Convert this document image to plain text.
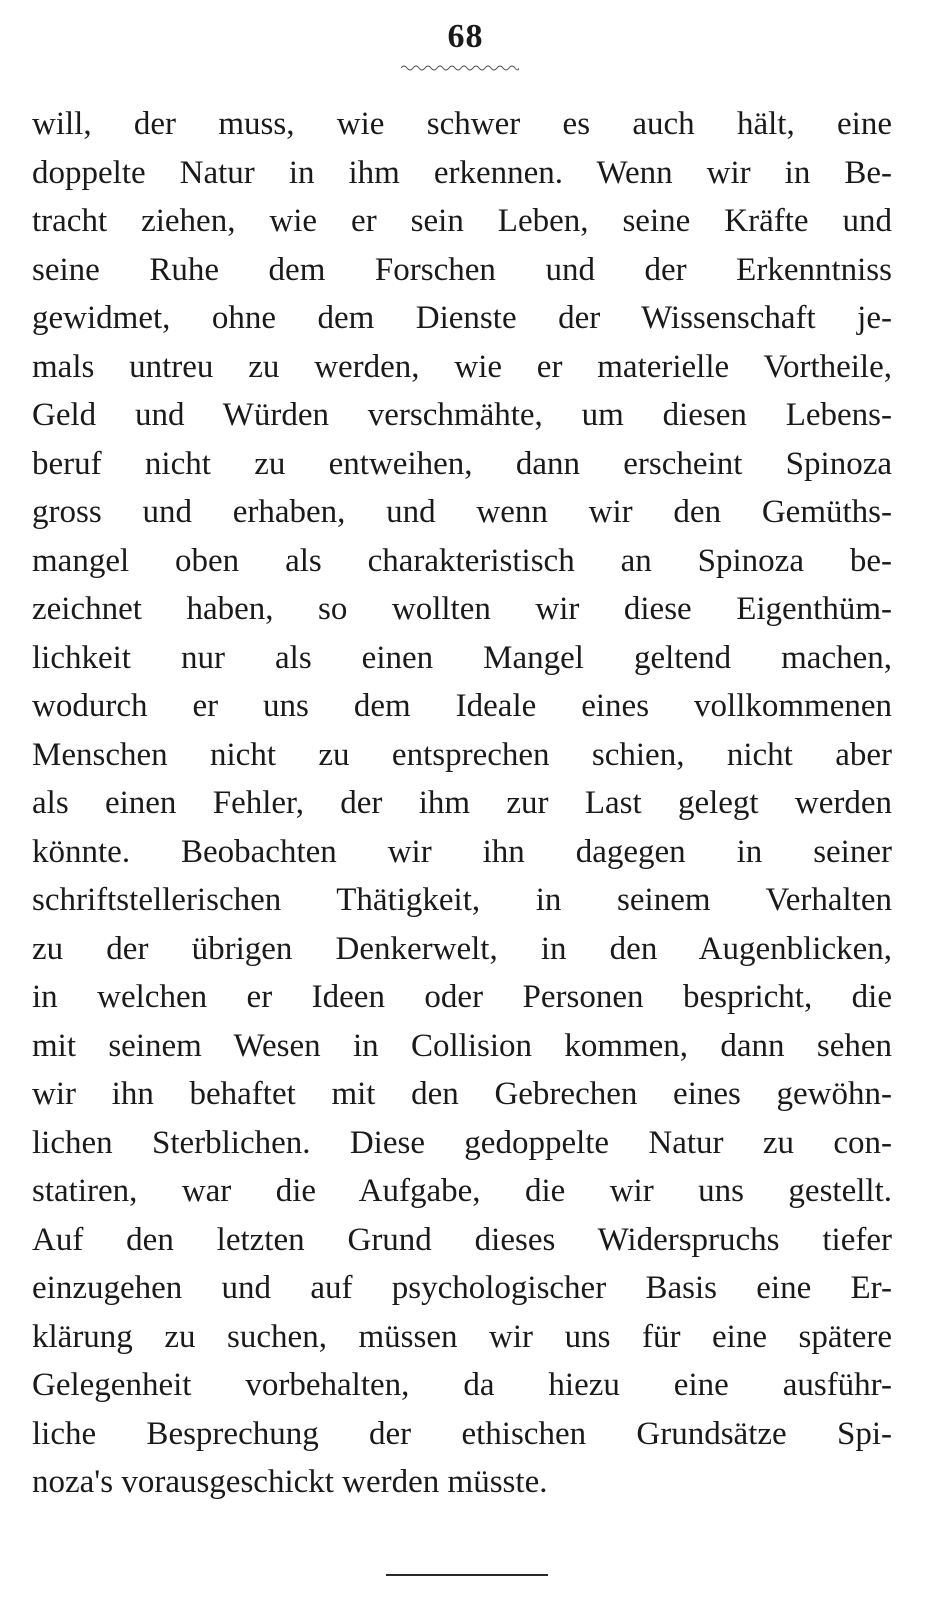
68
will, der muss, wie schwer es auch hält, eine
doppelte Natur in ihm erkennen. Wenn wir in Be-
tracht ziehen, wie er sein Leben, seine Kräfte und
seine Ruhe dem Forschen und der Erkenntniss
gewidmet, ohne dem Dienste der Wissenschaft je-
mals untreu zu werden, wie er materielle Vortheile,
Geld und Würden verschmähte, um diesen Lebens-
beruf nicht zu entweihen, dann erscheint Spinoza
gross und erhaben, und wenn wir den Gemüths-
mangel oben als charakteristisch an Spinoza be-
zeichnet haben, so wollten wir diese Eigenthüm-
lichkeit nur als einen Mangel geltend machen,
wodurch er uns dem Ideale eines vollkommenen
Menschen nicht zu entsprechen schien, nicht aber
als einen Fehler, der ihm zur Last gelegt werden
könnte. Beobachten wir ihn dagegen in seiner
schriftstellerischen Thätigkeit, in seinem Verhalten
zu der übrigen Denkerwelt, in den Augenblicken,
in welchen er Ideen oder Personen bespricht, die
mit seinem Wesen in Collision kommen, dann sehen
wir ihn behaftet mit den Gebrechen eines gewöhn-
lichen Sterblichen. Diese gedoppelte Natur zu con-
statiren, war die Aufgabe, die wir uns gestellt.
Auf den letzten Grund dieses Widerspruchs tiefer
einzugehen und auf psychologischer Basis eine Er-
klärung zu suchen, müssen wir uns für eine spätere
Gelegenheit vorbehalten, da hiezu eine ausführ-
liche Besprechung der ethischen Grundsätze Spi-
noza's vorausgeschickt werden müsste.
